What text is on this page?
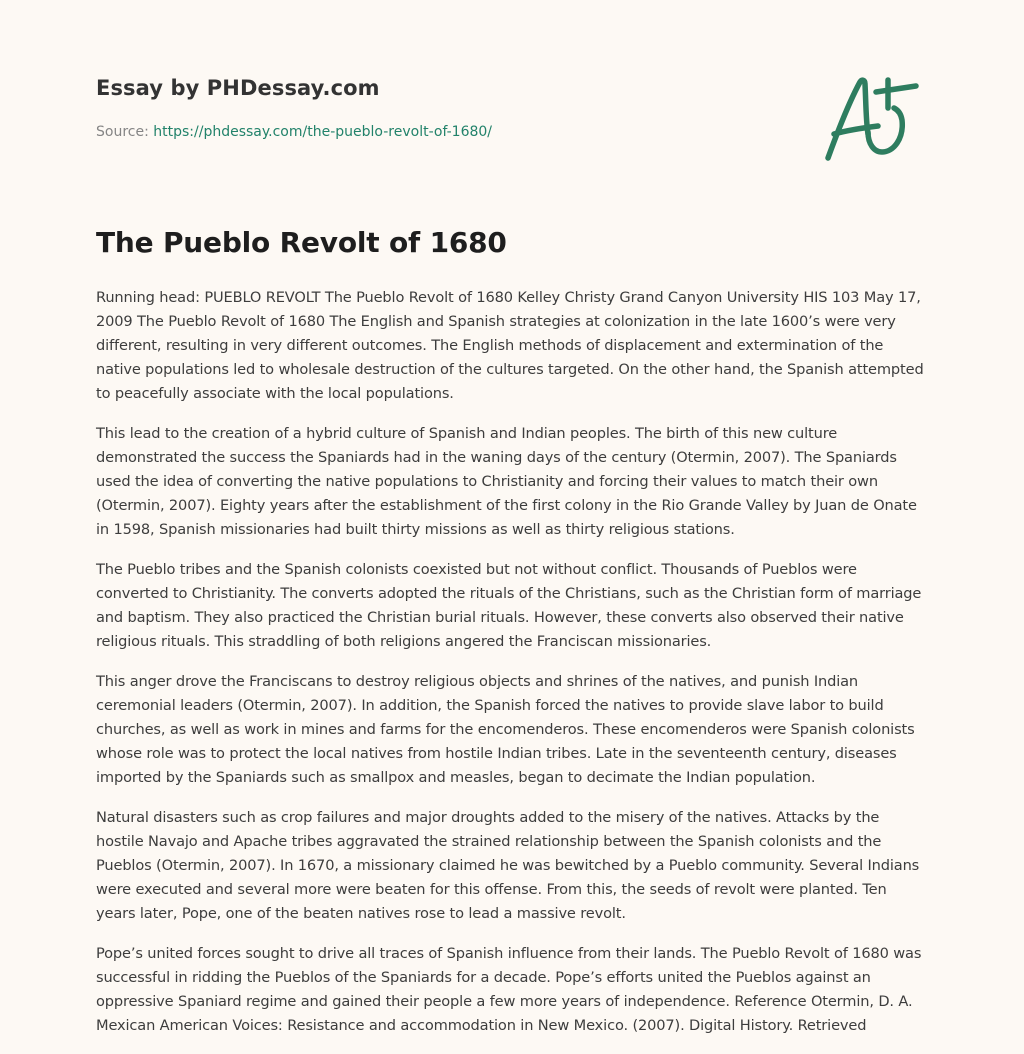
Essay by PHDessay.com
Source: https://phdessay.com/the-pueblo-revolt-of-1680/
The Pueblo Revolt of 1680

Running head: PUEBLO REVOLT The Pueblo Revolt of 1680 Kelley Christy Grand Canyon University HIS 103 May 17, 2009 The Pueblo Revolt of 1680 The English and Spanish strategies at colonization in the late 1600’s were very different, resulting in very different outcomes. The English methods of displacement and extermination of the native populations led to wholesale destruction of the cultures targeted. On the other hand, the Spanish attempted to peacefully associate with the local populations.

This lead to the creation of a hybrid culture of Spanish and Indian peoples. The birth of this new culture demonstrated the success the Spaniards had in the waning days of the century (Otermin, 2007). The Spaniards used the idea of converting the native populations to Christianity and forcing their values to match their own (Otermin, 2007). Eighty years after the establishment of the first colony in the Rio Grande Valley by Juan de Onate in 1598, Spanish missionaries had built thirty missions as well as thirty religious stations.

The Pueblo tribes and the Spanish colonists coexisted but not without conflict. Thousands of Pueblos were converted to Christianity. The converts adopted the rituals of the Christians, such as the Christian form of marriage and baptism. They also practiced the Christian burial rituals. However, these converts also observed their native religious rituals. This straddling of both religions angered the Franciscan missionaries.

This anger drove the Franciscans to destroy religious objects and shrines of the natives, and punish Indian ceremonial leaders (Otermin, 2007). In addition, the Spanish forced the natives to provide slave labor to build churches, as well as work in mines and farms for the encomenderos. These encomenderos were Spanish colonists whose role was to protect the local natives from hostile Indian tribes. Late in the seventeenth century, diseases imported by the Spaniards such as smallpox and measles, began to decimate the Indian population.

Natural disasters such as crop failures and major droughts added to the misery of the natives. Attacks by the hostile Navajo and Apache tribes aggravated the strained relationship between the Spanish colonists and the Pueblos (Otermin, 2007). In 1670, a missionary claimed he was bewitched by a Pueblo community. Several Indians were executed and several more were beaten for this offense. From this, the seeds of revolt were planted. Ten years later, Pope, one of the beaten natives rose to lead a massive revolt.

Pope’s united forces sought to drive all traces of Spanish influence from their lands. The Pueblo Revolt of 1680 was successful in ridding the Pueblos of the Spaniards for a decade. Pope’s efforts united the Pueblos against an oppressive Spaniard regime and gained their people a few more years of independence. Reference Otermin, D. A. Mexican American Voices: Resistance and accommodation in New Mexico. (2007). Digital History. Retrieved
